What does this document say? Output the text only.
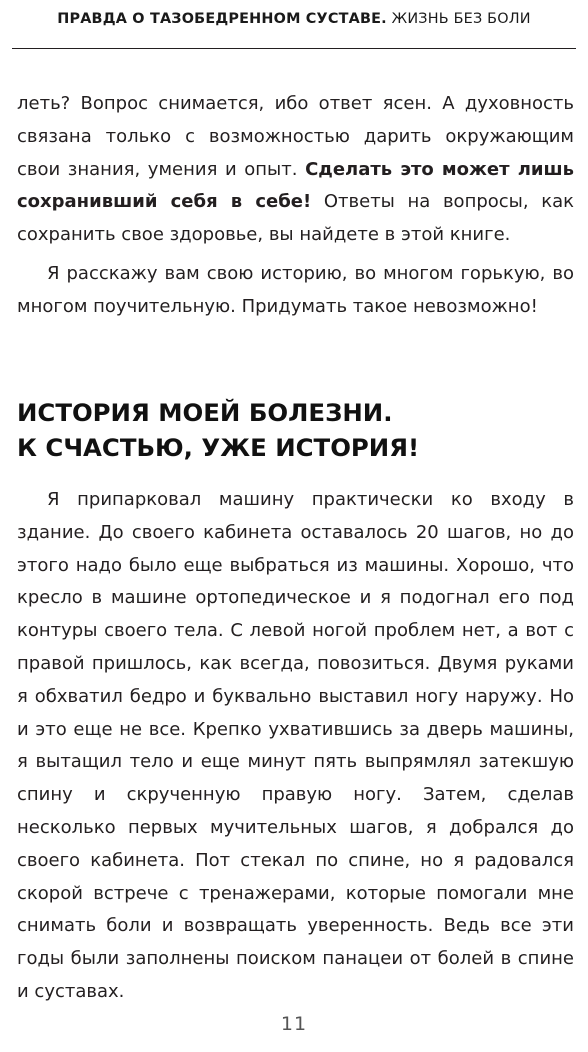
ПРАВДА О ТАЗОБЕДРЕННОМ СУСТАВЕ. ЖИЗНЬ БЕЗ БОЛИ

леть? Вопрос снимается, ибо ответ ясен. А духовность связана только с возможностью дарить окружающим свои знания, умения и опыт. Сделать это может лишь сохранивший себя в себе! Ответы на вопросы, как сохранить свое здоровье, вы найдете в этой книге.

Я расскажу вам свою историю, во многом горькую, во многом поучительную. Придумать такое невозможно!

ИСТОРИЯ МОЕЙ БОЛЕЗНИ.
К СЧАСТЬЮ, УЖЕ ИСТОРИЯ!

Я припарковал машину практически ко входу в здание. До своего кабинета оставалось 20 шагов, но до этого надо было еще выбраться из машины. Хорошо, что кресло в машине ортопедическое и я подогнал его под контуры своего тела. С левой ногой проблем нет, а вот с правой пришлось, как всегда, повозиться. Двумя руками я обхватил бедро и буквально выставил ногу наружу. Но и это еще не все. Крепко ухватившись за дверь машины, я вытащил тело и еще минут пять выпрямлял затекшую спину и скрученную правую ногу. Затем, сделав несколько первых мучительных шагов, я добрался до своего кабинета. Пот стекал по спине, но я радовался скорой встрече с тренажерами, которые помогали мне снимать боли и возвращать уверенность. Ведь все эти годы были заполнены поиском панацеи от болей в спине и суставах.

11
